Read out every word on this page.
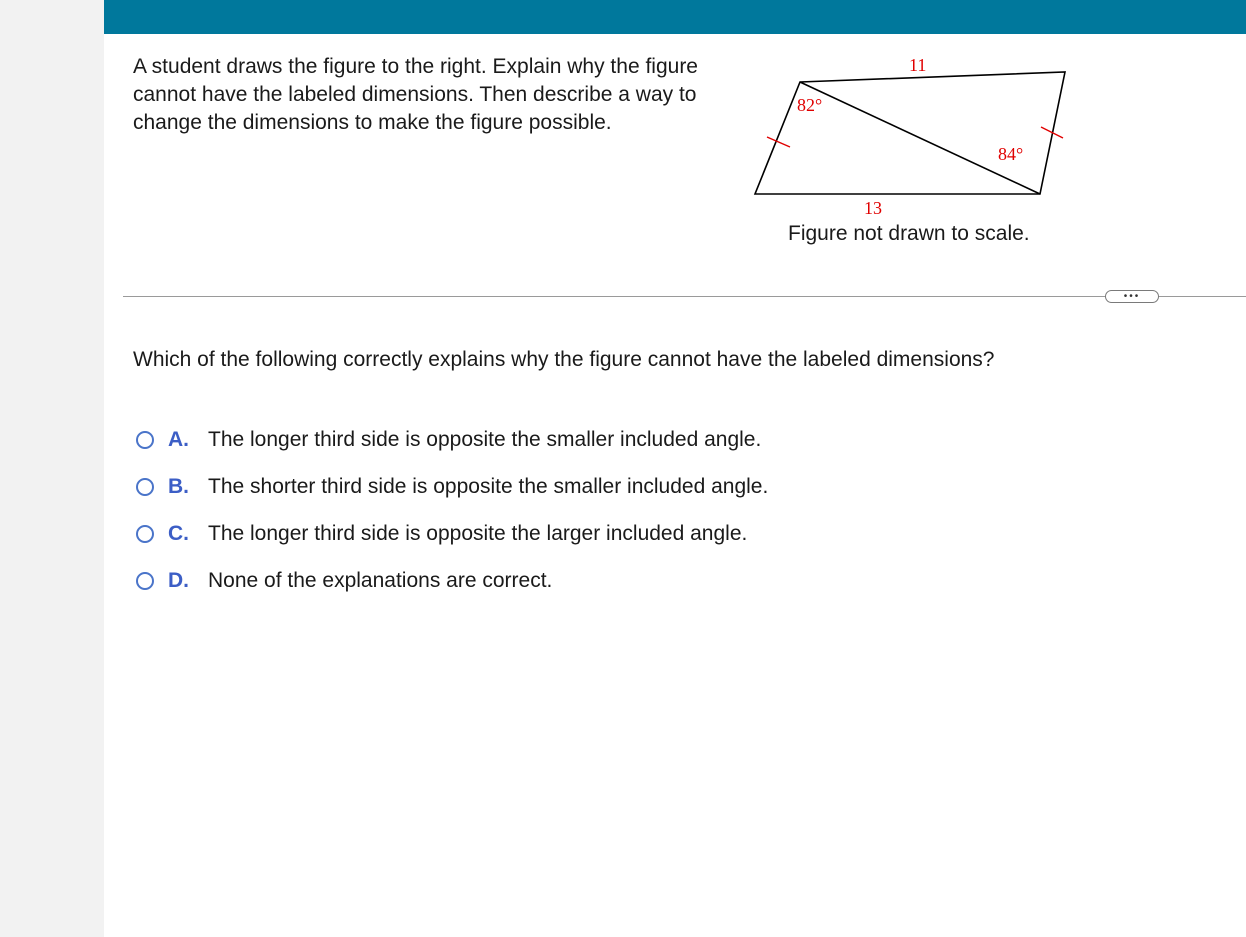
A student draws the figure to the right. Explain why the figure cannot have the labeled dimensions. Then describe a way to change the dimensions to make the figure possible.

11
82°
84°
13
Figure not drawn to scale.
•••

Which of the following correctly explains why the figure cannot have the labeled dimensions?

A. The longer third side is opposite the smaller included angle.
B. The shorter third side is opposite the smaller included angle.
C. The longer third side is opposite the larger included angle.
D. None of the explanations are correct.
